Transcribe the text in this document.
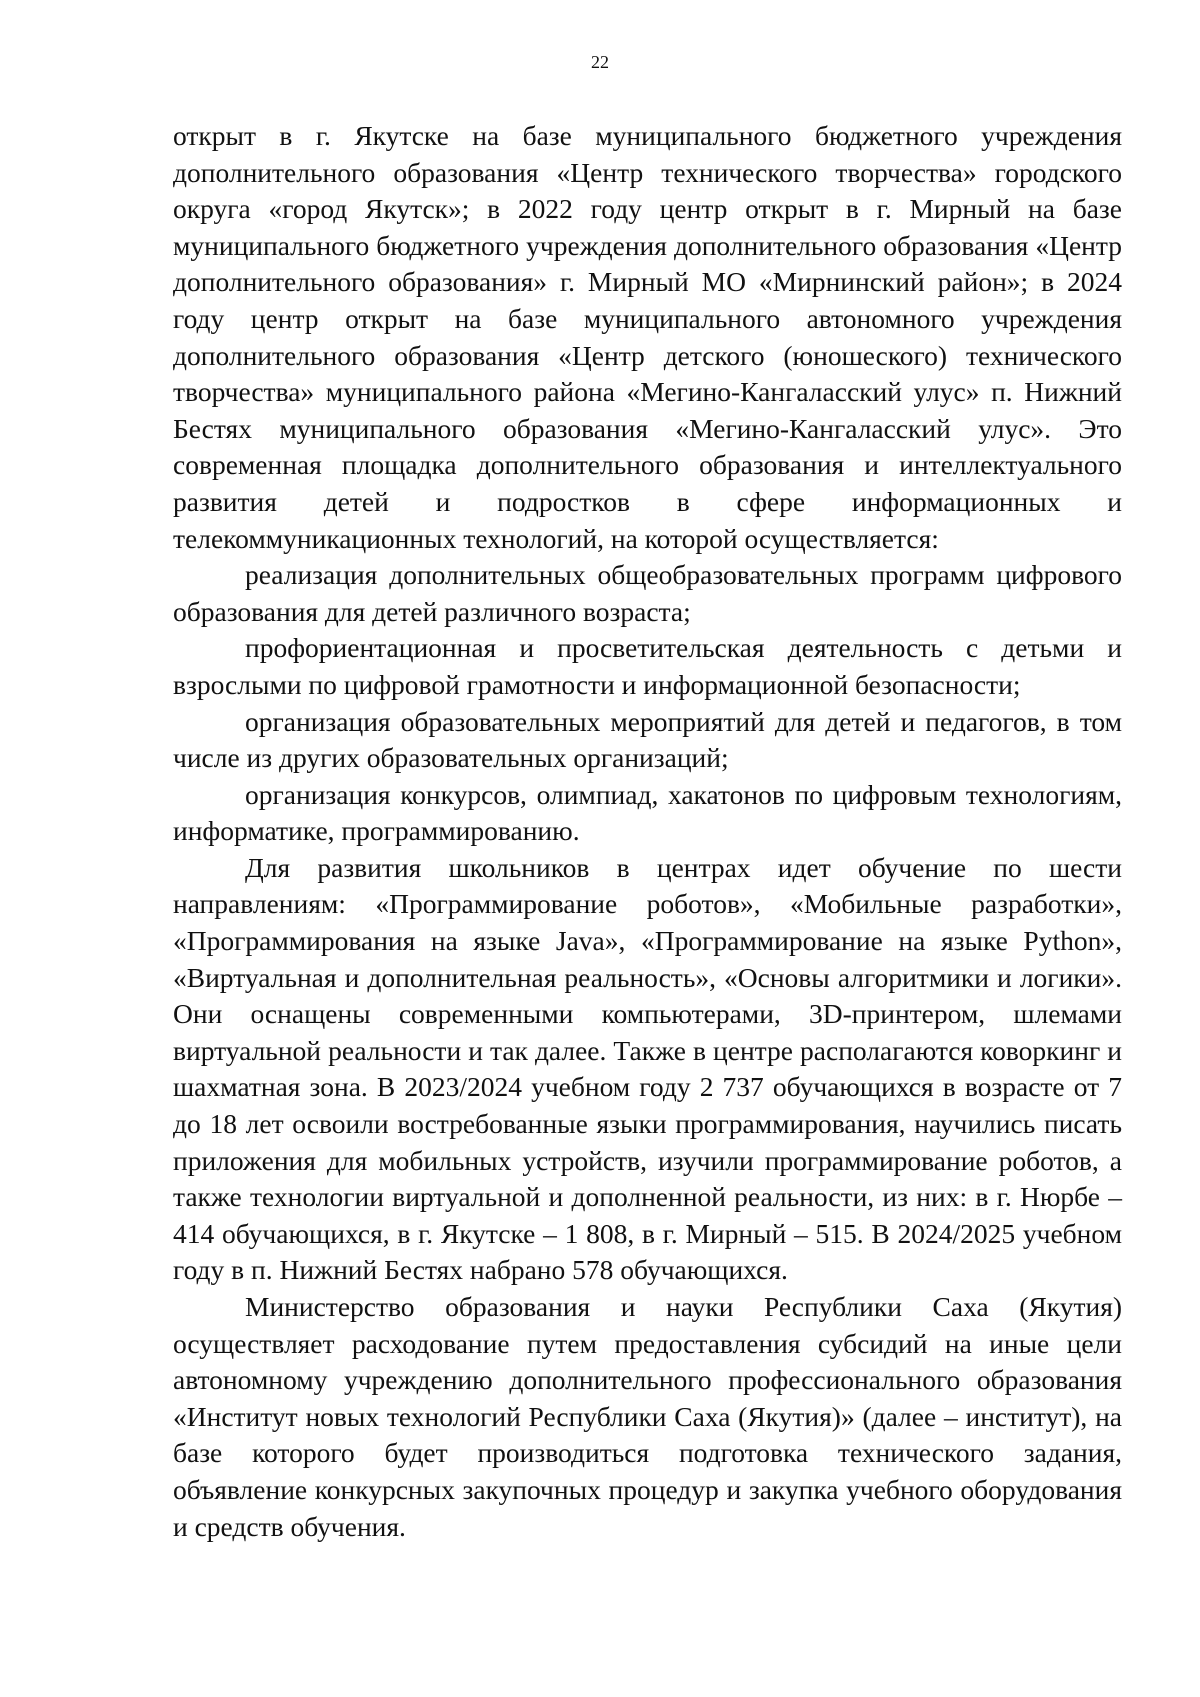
22

открыт в г. Якутске на базе муниципального бюджетного учреждения дополнительного образования «Центр технического творчества» городского округа «город Якутск»; в 2022 году центр открыт в г. Мирный на базе муниципального бюджетного учреждения дополнительного образования «Центр дополнительного образования» г. Мирный МО «Мирнинский район»; в 2024 году центр открыт на базе муниципального автономного учреждения дополнительного образования «Центр детского (юношеского) технического творчества» муниципального района «Мегино-Кангаласский улус» п. Нижний Бестях муниципального образования «Мегино-Кангаласский улус». Это современная площадка дополнительного образования и интеллектуального развития детей и подростков в сфере информационных и телекоммуникационных технологий, на которой осуществляется:

реализация дополнительных общеобразовательных программ цифрового образования для детей различного возраста;

профориентационная и просветительская деятельность с детьми и взрослыми по цифровой грамотности и информационной безопасности;

организация образовательных мероприятий для детей и педагогов, в том числе из других образовательных организаций;

организация конкурсов, олимпиад, хакатонов по цифровым технологиям, информатике, программированию.

Для развития школьников в центрах идет обучение по шести направлениям: «Программирование роботов», «Мобильные разработки», «Программирования на языке Java», «Программирование на языке Python», «Виртуальная и дополнительная реальность», «Основы алгоритмики и логики». Они оснащены современными компьютерами, 3D-принтером, шлемами виртуальной реальности и так далее. Также в центре располагаются коворкинг и шахматная зона. В 2023/2024 учебном году 2 737 обучающихся в возрасте от 7 до 18 лет освоили востребованные языки программирования, научились писать приложения для мобильных устройств, изучили программирование роботов, а также технологии виртуальной и дополненной реальности, из них: в г. Нюрбе – 414 обучающихся, в г. Якутске – 1 808, в г. Мирный – 515. В 2024/2025 учебном году в п. Нижний Бестях набрано 578 обучающихся.

Министерство образования и науки Республики Саха (Якутия) осуществляет расходование путем предоставления субсидий на иные цели автономному учреждению дополнительного профессионального образования «Институт новых технологий Республики Саха (Якутия)» (далее – институт), на базе которого будет производиться подготовка технического задания, объявление конкурсных закупочных процедур и закупка учебного оборудования и средств обучения.
